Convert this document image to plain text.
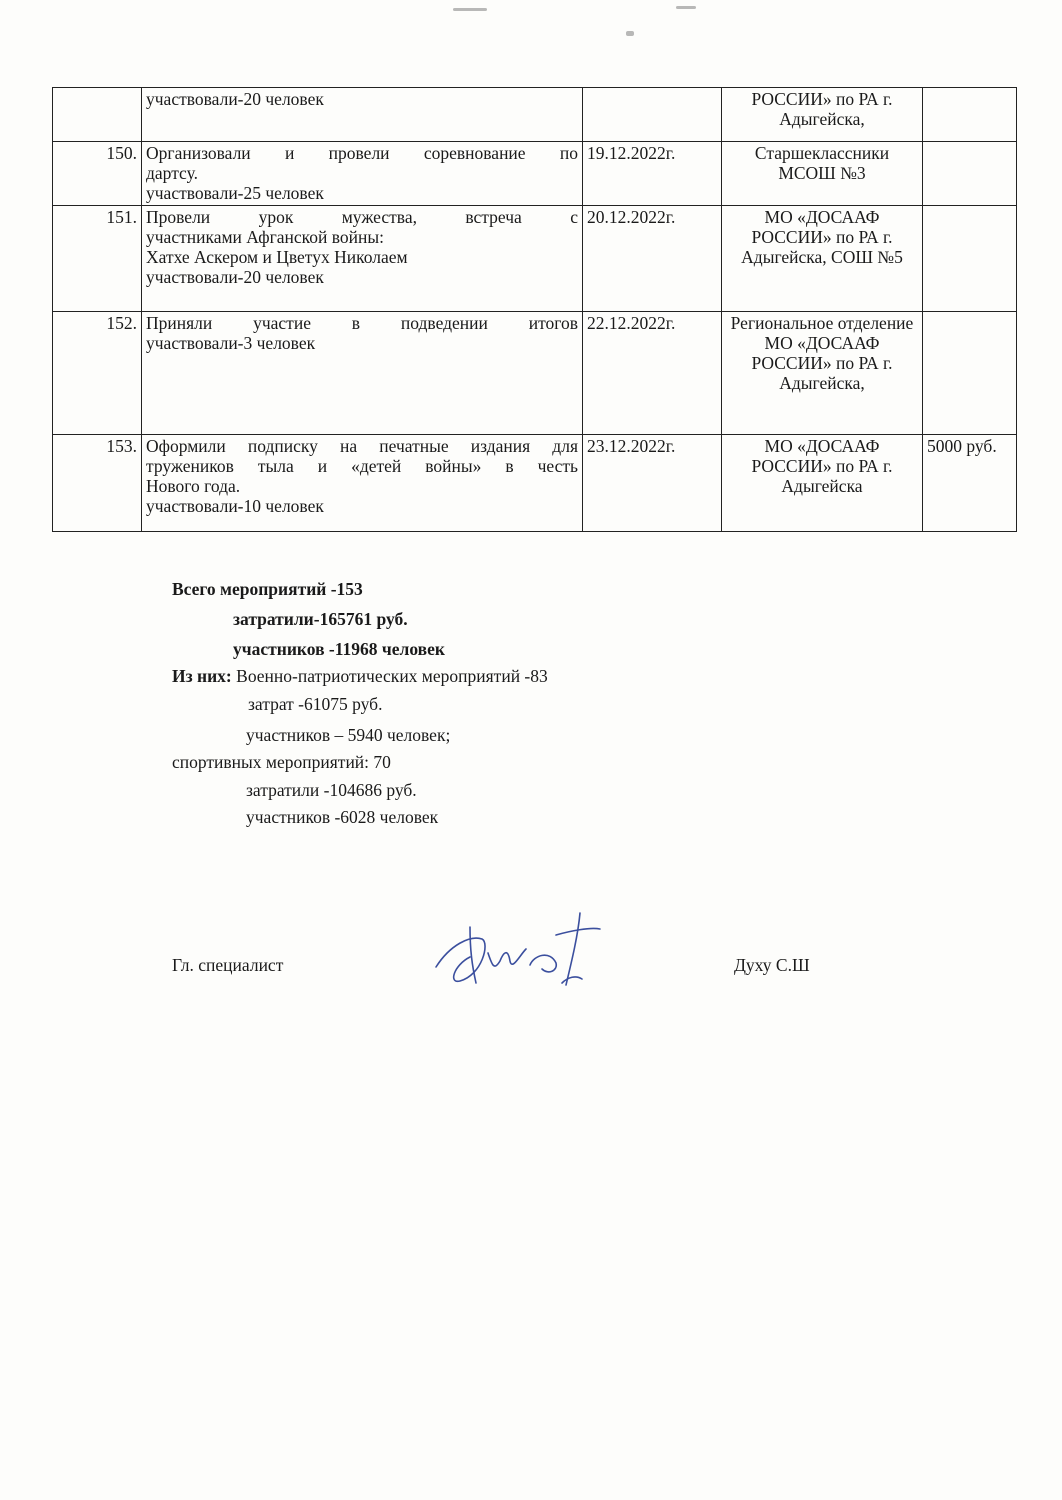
	участвовали-20 человек		РОССИИ» по РА г. Адыгейска,	
150.	Организовали и провели соревнование по
дартсу.
участвовали-25 человек	19.12.2022г.	Старшеклассники МСОШ №3	
151.	Провели урок мужества, встреча с
участниками Афганской войны:
Хатхе Аскером и Цветух Николаем
участвовали-20 человек	20.12.2022г.	МО «ДОСААФ РОССИИ» по РА г. Адыгейска, СОШ №5	
152.	Приняли участие в подведении итогов
участвовали-3 человек	22.12.2022г.	Региональное отделение МО «ДОСААФ РОССИИ» по РА г. Адыгейска,	
153.	Оформили подписку на печатные издания для
тружеников тыла и «детей войны» в честь
Нового года.
участвовали-10 человек	23.12.2022г.	МО «ДОСААФ РОССИИ» по РА г. Адыгейска	5000 руб.
Всего мероприятий -153
затратили-165761 руб.
участников -11968 человек
Из них: Военно-патриотических мероприятий -83
затрат -61075 руб.
участников – 5940 человек;
спортивных мероприятий: 70
затратили -104686 руб.
участников -6028 человек
Гл. специалист	Духу С.Ш
